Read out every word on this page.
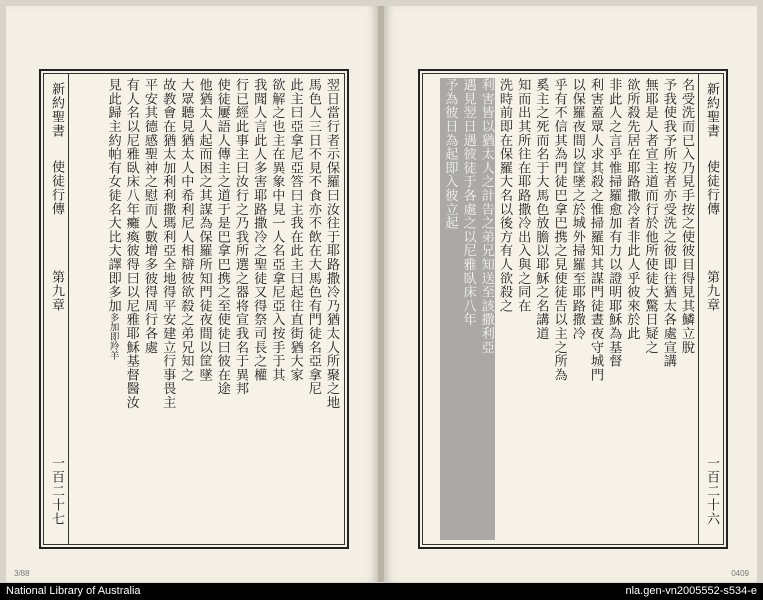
新約聖書
使徒行傳
第九章
一百二十七
翌日當行者示保羅曰汝往于耶路撒冷乃猶太人所聚之地
馬色人三日不見不食亦不飲在大馬色有門徒名亞拿尼
此主曰亞拿尼亞答曰主我在此主曰起往直街猶大家
欲解之也主在異象中見一人名亞拿尼亞入按手于其
我聞人言此人多害耶路撒冷之聖徒又得祭司長之權
行已經此事主曰汝行之乃我所選之器将宣我名于異邦
使徒屢語人傳主之道于是巴拿巴携之至使徒曰彼在途
他猶太人起而困之其謀為保羅所知門徒夜間以筐墜
大眾聽見猶太人中希利尼人相辯彼欲殺之弟兄知之
故教會在猶太加利利撒瑪利亞全地得平安建立行事畏主
平安其德感聖神之慰而人數增多彼得周行各處
有人名以尼雅臥床八年癱瘓彼得曰以尼雅耶穌基督醫汝
見此歸主約帕有女徒名大比大譯即多加多加即羚羊
3/88
新約聖書
使徒行傳
第九章
一百二十六
名受洗而已入乃見手按之使彼目得見其鱗立脫
予我使我予所按者亦受洗之彼即往猶太各處宣講
無耶是人者宣主道而行於他所使徒大驚日疑之
欲所殺先居在耶路撒冷者非此人乎彼來於此
非此人之言乎惟掃羅愈加有力以證明耶穌為基督
利害蓋眾人求其殺之惟掃羅知其謀門徒晝夜守城門
以保羅夜間以筐墜之於城外掃羅至耶路撒冷
乎有不信其為門徒巴拿巴携之見使徒告以主之所為
奚主之死而名于大馬色放膽以耶穌之名講道
知而出其所往在耶路撒冷出入與之同在
洗時前即在保羅大名以後方有人欲殺之
利害皆以猶太人之計告之弟兄知送至該撒利亞
遇見翌日遇彼徒于各處之以尼雅臥床八年
予為彼日為起即入彼立起
0409
National Library of Australia	nla.gen-vn2005552-s534-e
